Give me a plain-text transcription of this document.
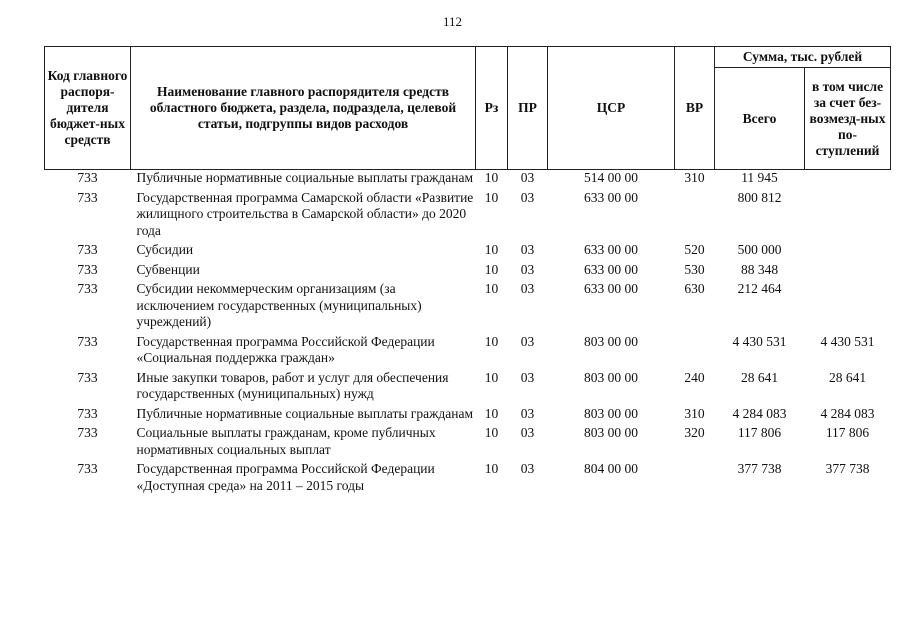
112
Код главного распоря-дителя бюджет-ных средств	Наименование главного распорядителя средств областного бюджета, раздела, подраздела, целевой статьи, подгруппы видов расходов	Рз	ПР	ЦСР	ВР	Сумма, тыс. рублей	
						Всего	в том числе за счет без-возмезд-ных по-ступлений
733	Публичные нормативные социальные выплаты гражданам	10	03	514 00 00	310	11 945	
733	Государственная программа Самарской области «Развитие жилищного строительства в Самарской области» до 2020 года	10	03	633 00 00		800 812	
733	Субсидии	10	03	633 00 00	520	500 000	
733	Субвенции	10	03	633 00 00	530	88 348	
733	Субсидии некоммерческим организациям (за исключением государственных (муниципальных) учреждений)	10	03	633 00 00	630	212 464	
733	Государственная программа Российской Федерации «Социальная поддержка граждан»	10	03	803 00 00		4 430 531	4 430 531
733	Иные закупки товаров, работ и услуг для обеспечения государственных (муниципальных) нужд	10	03	803 00 00	240	28 641	28 641
733	Публичные нормативные социальные выплаты гражданам	10	03	803 00 00	310	4 284 083	4 284 083
733	Социальные выплаты гражданам, кроме публичных нормативных социальных выплат	10	03	803 00 00	320	117 806	117 806
733	Государственная программа Российской Федерации «Доступная среда» на 2011 – 2015 годы	10	03	804 00 00		377 738	377 738
